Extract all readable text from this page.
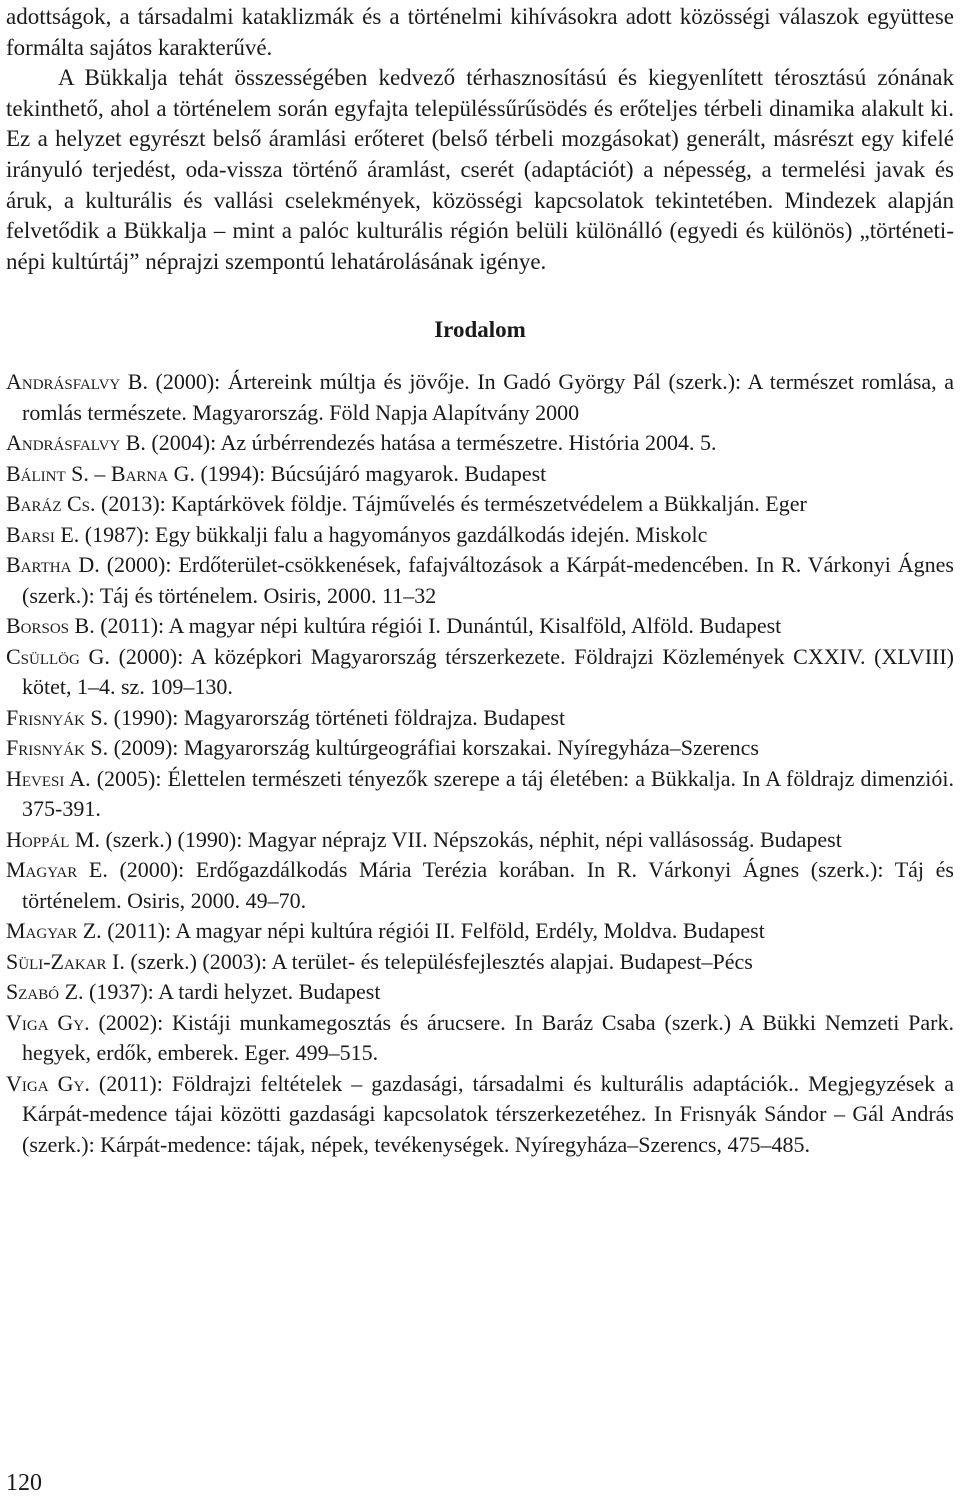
adottságok, a társadalmi kataklizmák és a történelmi kihívásokra adott közösségi válaszok együttese formálta sajátos karakterűvé.

A Bükkalja tehát összességében kedvező térhasznosítású és kiegyenlített térosztású zónának tekinthető, ahol a történelem során egyfajta településsűrűsödés és erőteljes térbeli dinamika alakult ki. Ez a helyzet egyrészt belső áramlási erőteret (belső térbeli mozgásokat) generált, másrészt egy kifelé irányuló terjedést, oda-vissza történő áramlást, cserét (adaptációt) a népesség, a termelési javak és áruk, a kulturális és vallási cselekmények, közösségi kapcsolatok tekintetében. Mindezek alapján felvetődik a Bükkalja – mint a palóc kulturális régión belüli különálló (egyedi és különös) „történeti-népi kultúrtáj” néprajzi szempontú lehatárolásának igénye.

Irodalom
Andrásfalvy B. (2000): Ártereink múltja és jövője. In Gadó György Pál (szerk.): A természet romlása, a romlás természete. Magyarország. Föld Napja Alapítvány 2000
Andrásfalvy B. (2004): Az úrbérrendezés hatása a természetre. História 2004. 5.
Bálint S. – Barna G. (1994): Búcsújáró magyarok. Budapest
Baráz Cs. (2013): Kaptárkövek földje. Tájművelés és természetvédelem a Bükkalján. Eger
Barsi E. (1987): Egy bükkalji falu a hagyományos gazdálkodás idején. Miskolc
Bartha D. (2000): Erdőterület-csökkenések, fafajváltozások a Kárpát-medencében. In R. Várkonyi Ágnes (szerk.): Táj és történelem. Osiris, 2000. 11–32
Borsos B. (2011): A magyar népi kultúra régiói I. Dunántúl, Kisalföld, Alföld. Budapest
Csüllög G. (2000): A középkori Magyarország térszerkezete. Földrajzi Közlemények CXXIV. (XLVIII) kötet, 1–4. sz. 109–130.
Frisnyák S. (1990): Magyarország történeti földrajza. Budapest
Frisnyák S. (2009): Magyarország kultúrgeográfiai korszakai. Nyíregyháza–Szerencs
Hevesi A. (2005): Élettelen természeti tényezők szerepe a táj életében: a Bükkalja. In A földrajz dimenziói. 375-391.
Hoppál M. (szerk.) (1990): Magyar néprajz VII. Népszokás, néphit, népi vallásosság. Budapest
Magyar E. (2000): Erdőgazdálkodás Mária Terézia korában. In R. Várkonyi Ágnes (szerk.): Táj és történelem. Osiris, 2000. 49–70.
Magyar Z. (2011): A magyar népi kultúra régiói II. Felföld, Erdély, Moldva. Budapest
Süli-Zakar I. (szerk.) (2003): A terület- és településfejlesztés alapjai. Budapest–Pécs
Szabó Z. (1937): A tardi helyzet. Budapest
Viga Gy. (2002): Kistáji munkamegosztás és árucsere. In Baráz Csaba (szerk.) A Bükki Nemzeti Park. hegyek, erdők, emberek. Eger. 499–515.
Viga Gy. (2011): Földrajzi feltételek – gazdasági, társadalmi és kulturális adaptációk.. Megjegyzések a Kárpát-medence tájai közötti gazdasági kapcsolatok térszerkezetéhez. In Frisnyák Sándor – Gál András (szerk.): Kárpát-medence: tájak, népek, tevékenységek. Nyíregyháza–Szerencs, 475–485.
120
